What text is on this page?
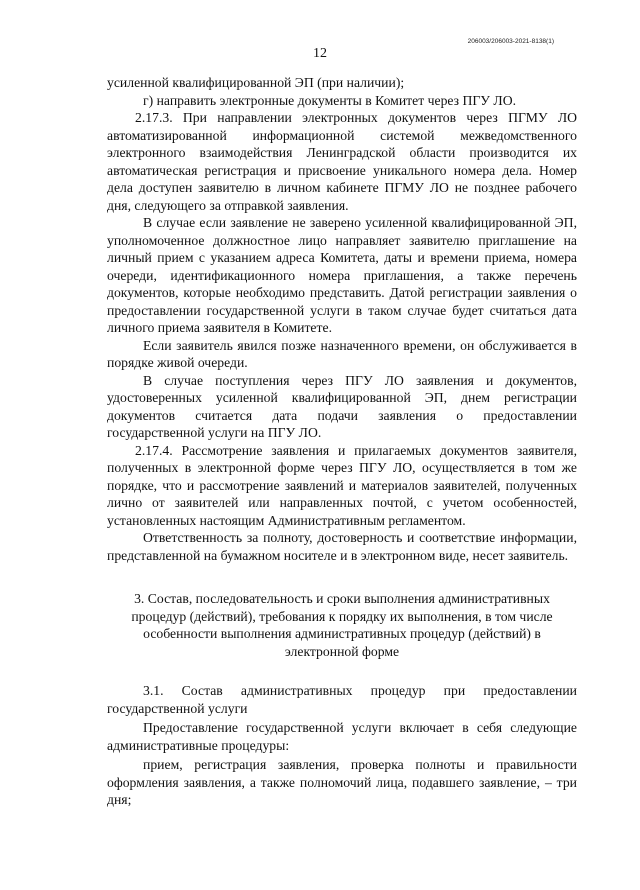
206003/206003-2021-8138(1)
12

усиленной квалифицированной ЭП (при наличии);

г) направить электронные документы в Комитет через ПГУ ЛО.

2.17.3. При направлении электронных документов через ПГМУ ЛО автоматизированной информационной системой межведомственного электронного взаимодействия Ленинградской области производится их автоматическая регистрация и присвоение уникального номера дела. Номер дела доступен заявителю в личном кабинете ПГМУ ЛО не позднее рабочего дня, следующего за отправкой заявления.

В случае если заявление не заверено усиленной квалифицированной ЭП, уполномоченное должностное лицо направляет заявителю приглашение на личный прием с указанием адреса Комитета, даты и времени приема, номера очереди, идентификационного номера приглашения, а также перечень документов, которые необходимо представить. Датой регистрации заявления о предоставлении государственной услуги в таком случае будет считаться дата личного приема заявителя в Комитете.

Если заявитель явился позже назначенного времени, он обслуживается в порядке живой очереди.

В случае поступления через ПГУ ЛО заявления и документов, удостоверенных усиленной квалифицированной ЭП, днем регистрации документов считается дата подачи заявления о предоставлении государственной услуги на ПГУ ЛО.

2.17.4. Рассмотрение заявления и прилагаемых документов заявителя, полученных в электронной форме через ПГУ ЛО, осуществляется в том же порядке, что и рассмотрение заявлений и материалов заявителей, полученных лично от заявителей или направленных почтой, с учетом особенностей, установленных настоящим Административным регламентом.

Ответственность за полноту, достоверность и соответствие информации, представленной на бумажном носителе и в электронном виде, несет заявитель.

3. Состав, последовательность и сроки выполнения административных процедур (действий), требования к порядку их выполнения, в том числе особенности выполнения административных процедур (действий) в электронной форме

3.1. Состав административных процедур при предоставлении государственной услуги

Предоставление государственной услуги включает в себя следующие административные процедуры:

прием, регистрация заявления, проверка полноты и правильности оформления заявления, а также полномочий лица, подавшего заявление, – три дня;
